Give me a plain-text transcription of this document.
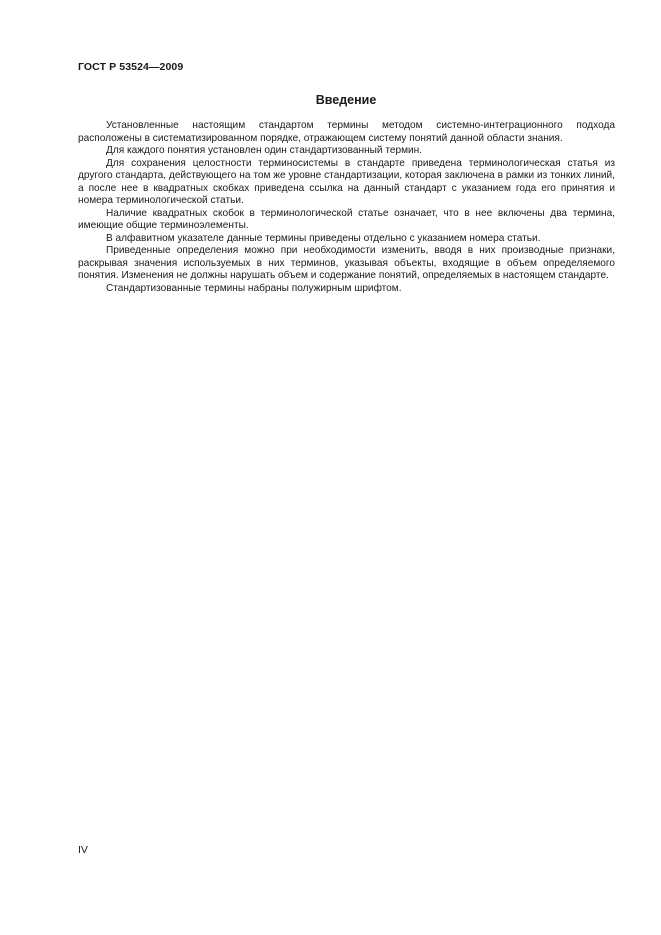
ГОСТ Р 53524—2009
Введение

Установленные настоящим стандартом термины методом системно-интеграционного подхода расположены в систематизированном порядке, отражающем систему понятий данной области знания.

Для каждого понятия установлен один стандартизованный термин.

Для сохранения целостности терминосистемы в стандарте приведена терминологическая статья из другого стандарта, действующего на том же уровне стандартизации, которая заключена в рамки из тонких линий, а после нее в квадратных скобках приведена ссылка на данный стандарт с указанием года его принятия и номера терминологической статьи.

Наличие квадратных скобок в терминологической статье означает, что в нее включены два термина, имеющие общие терминоэлементы.

В алфавитном указателе данные термины приведены отдельно с указанием номера статьи.

Приведенные определения можно при необходимости изменить, вводя в них производные признаки, раскрывая значения используемых в них терминов, указывая объекты, входящие в объем определяемого понятия. Изменения не должны нарушать объем и содержание понятий, определяемых в настоящем стандарте.

Стандартизованные термины набраны полужирным шрифтом.

IV
